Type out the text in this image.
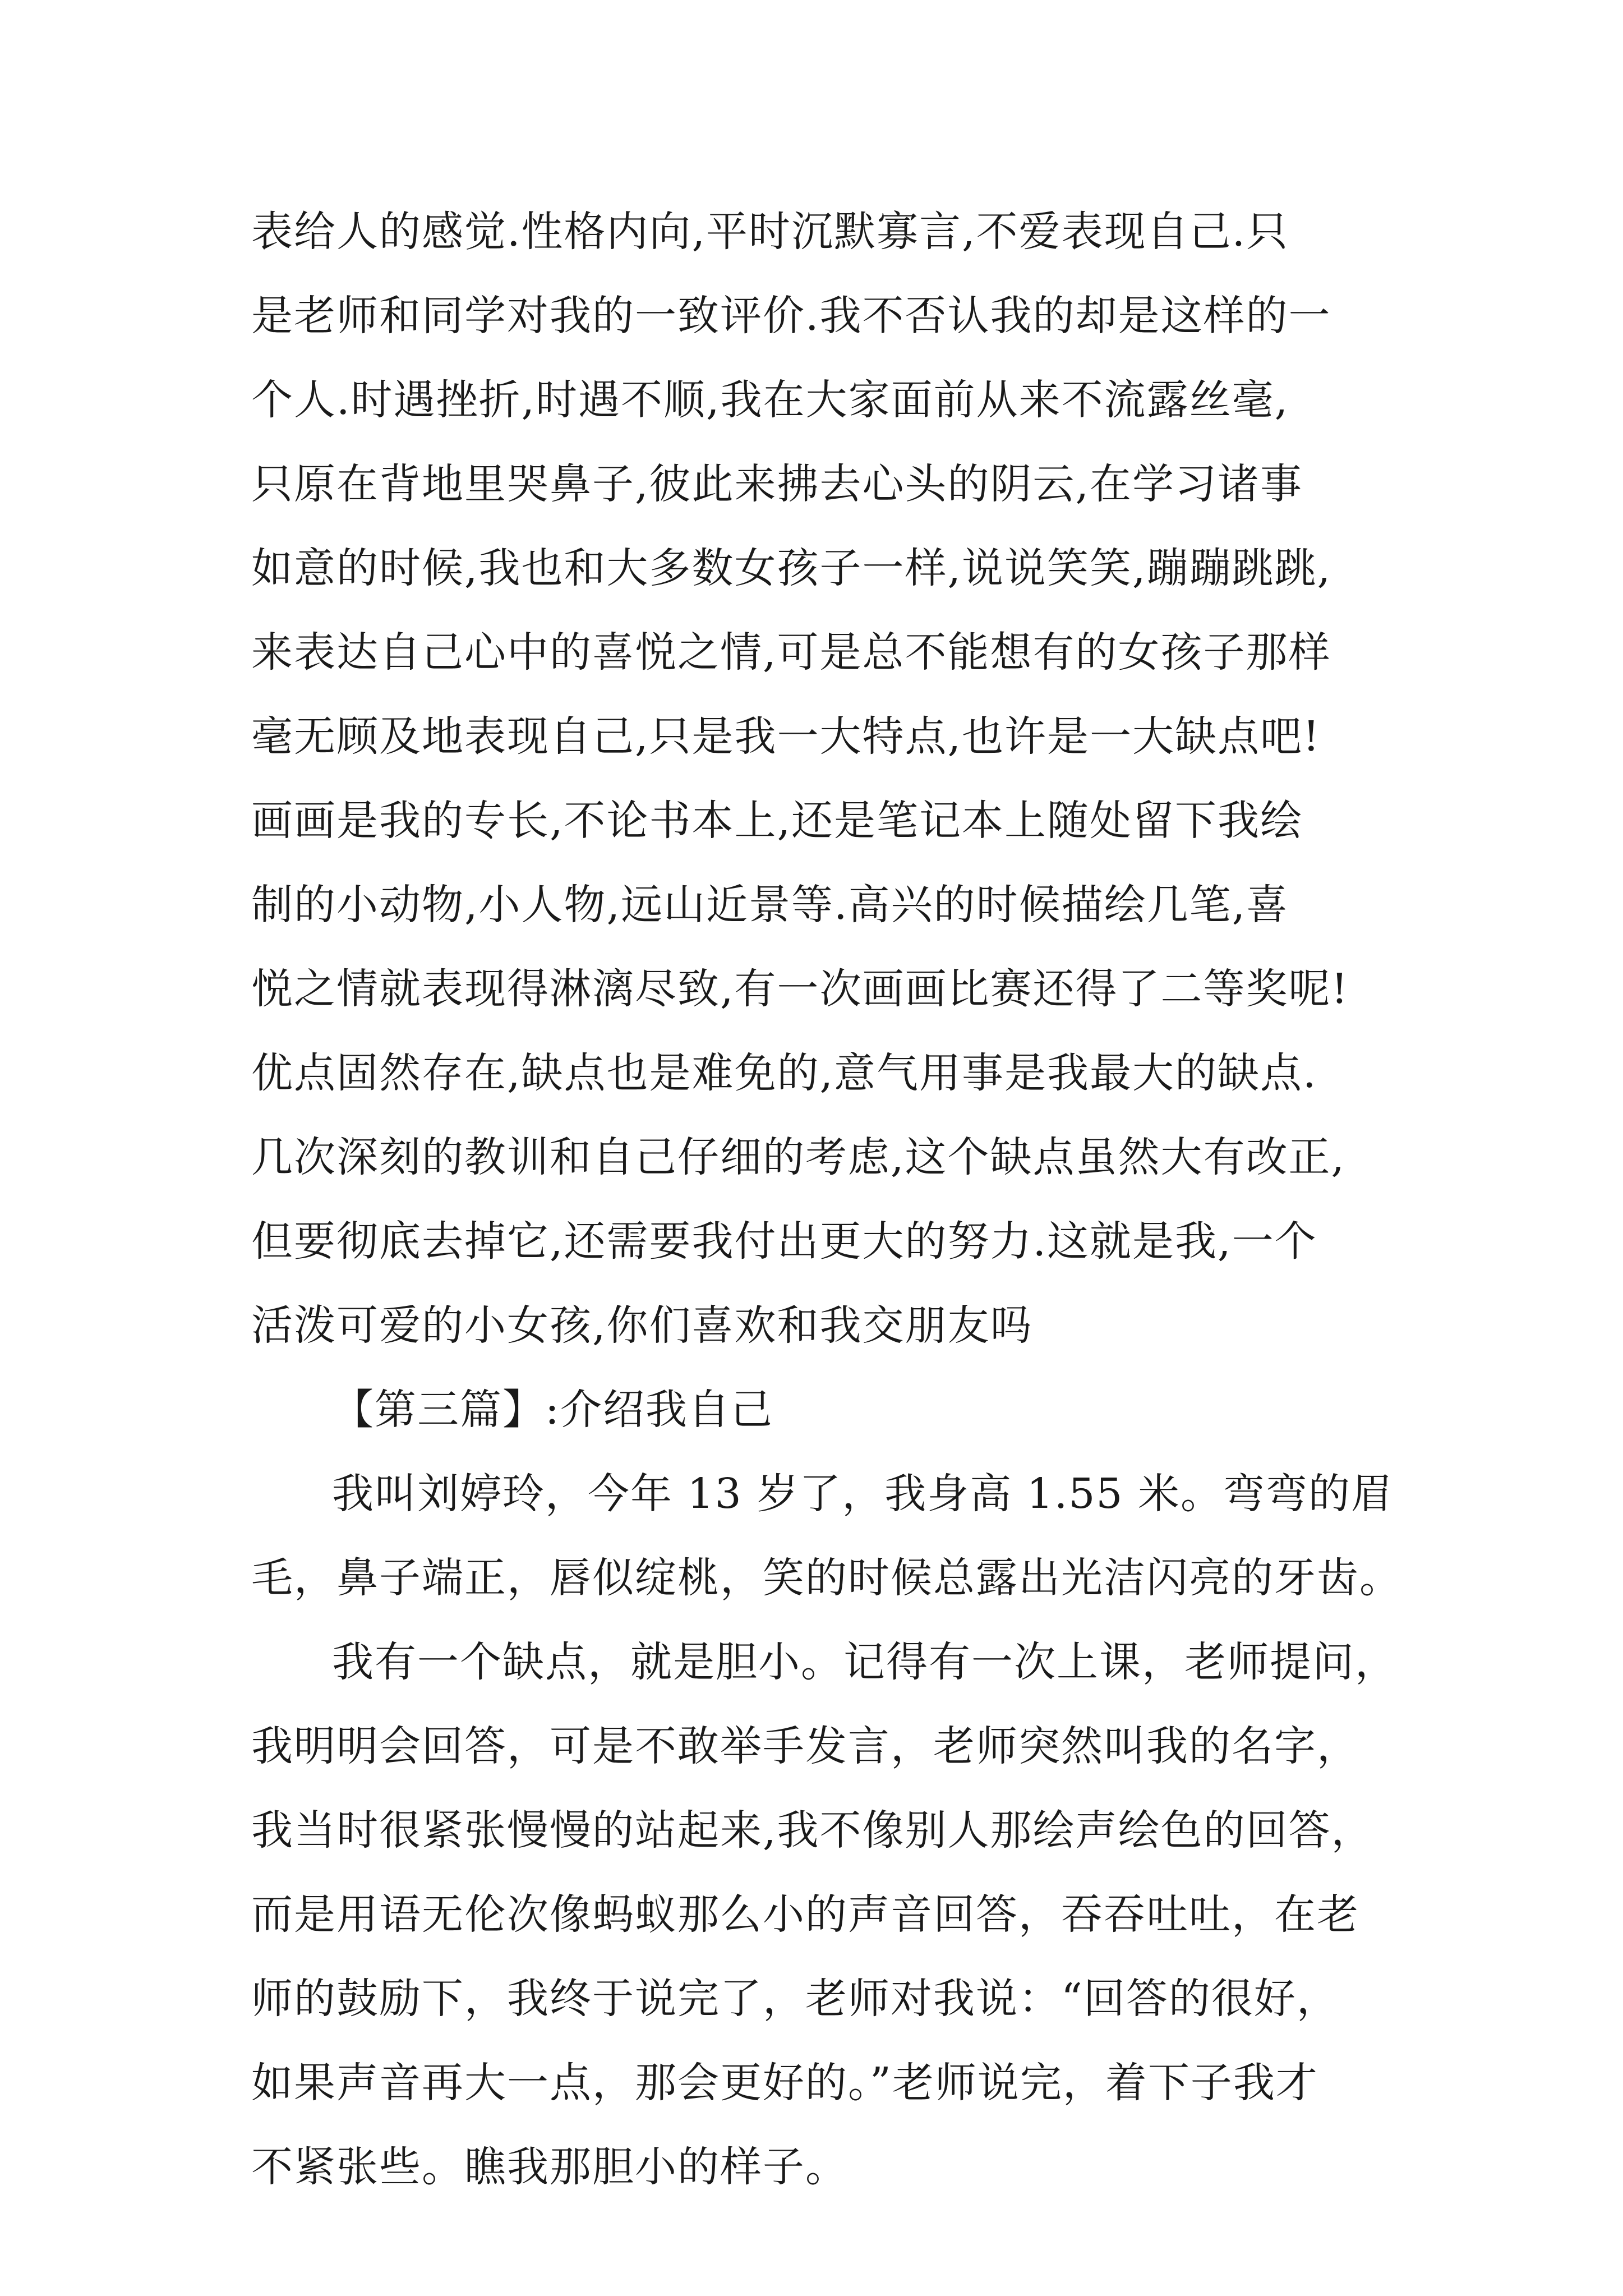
表给人的感觉.性格内向,平时沉默寡言,不爱表现自己.只
是老师和同学对我的一致评价.我不否认我的却是这样的一
个人.时遇挫折,时遇不顺,我在大家面前从来不流露丝毫,
只原在背地里哭鼻子,彼此来拂去心头的阴云,在学习诸事
如意的时候,我也和大多数女孩子一样,说说笑笑,蹦蹦跳跳,
来表达自己心中的喜悦之情,可是总不能想有的女孩子那样
毫无顾及地表现自己,只是我一大特点,也许是一大缺点吧!
画画是我的专长,不论书本上,还是笔记本上随处留下我绘
制的小动物,小人物,远山近景等.高兴的时候描绘几笔,喜
悦之情就表现得淋漓尽致,有一次画画比赛还得了二等奖呢!
优点固然存在,缺点也是难免的,意气用事是我最大的缺点.
几次深刻的教训和自己仔细的考虑,这个缺点虽然大有改正,
但要彻底去掉它,还需要我付出更大的努力.这就是我,一个
活泼可爱的小女孩,你们喜欢和我交朋友吗
【第三篇】:介绍我自己
我叫刘婷玲，今年 13 岁了，我身高 1.55 米。弯弯的眉
毛，鼻子端正，唇似绽桃，笑的时候总露出光洁闪亮的牙齿。
我有一个缺点，就是胆小。记得有一次上课，老师提问，
我明明会回答，可是不敢举手发言，老师突然叫我的名字，
我当时很紧张慢慢的站起来,我不像别人那绘声绘色的回答，
而是用语无伦次像蚂蚁那么小的声音回答，吞吞吐吐，在老
师的鼓励下，我终于说完了，老师对我说：“回答的很好，
如果声音再大一点，那会更好的。”老师说完，着下子我才
不紧张些。瞧我那胆小的样子。
